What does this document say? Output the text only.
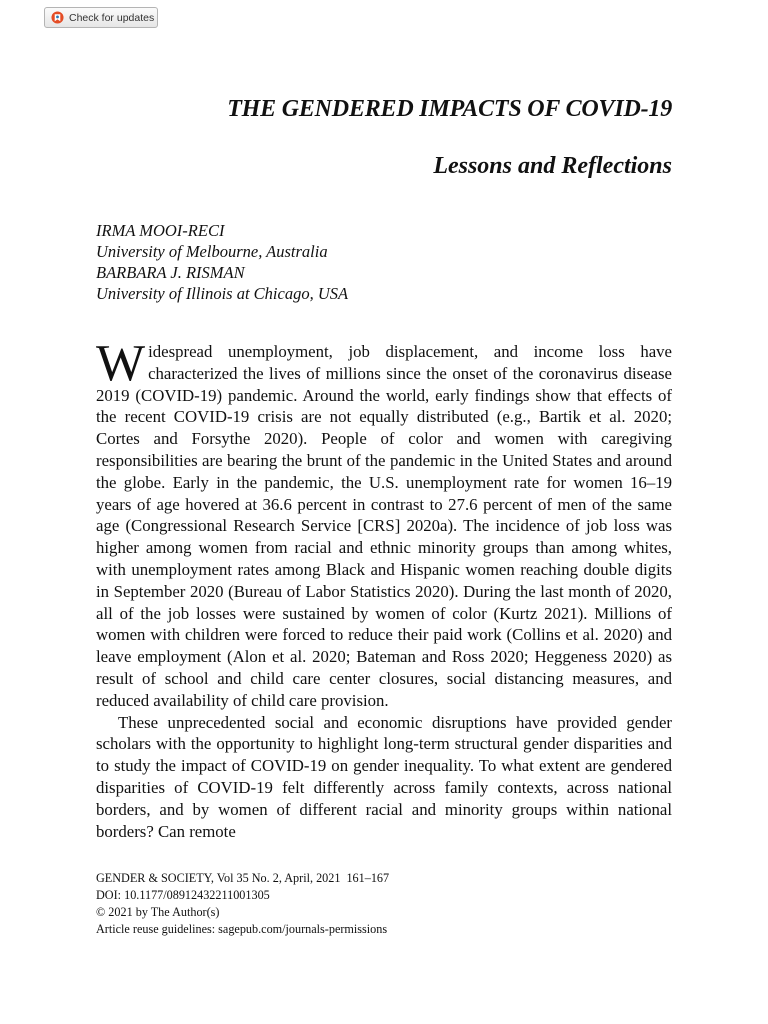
Check for updates
THE GENDERED IMPACTS OF COVID-19
Lessons and Reflections
IRMA MOOI-RECI
University of Melbourne, Australia
BARBARA J. RISMAN
University of Illinois at Chicago, USA

Widespread unemployment, job displacement, and income loss have characterized the lives of millions since the onset of the coronavirus disease 2019 (COVID-19) pandemic. Around the world, early findings show that effects of the recent COVID-19 crisis are not equally distributed (e.g., Bartik et al. 2020; Cortes and Forsythe 2020). People of color and women with caregiving responsibilities are bearing the brunt of the pandemic in the United States and around the globe. Early in the pandemic, the U.S. unemployment rate for women 16–19 years of age hovered at 36.6 percent in contrast to 27.6 percent of men of the same age (Congressional Research Service [CRS] 2020a). The incidence of job loss was higher among women from racial and ethnic minority groups than among whites, with unemployment rates among Black and Hispanic women reaching double digits in September 2020 (Bureau of Labor Statistics 2020). During the last month of 2020, all of the job losses were sustained by women of color (Kurtz 2021). Millions of women with children were forced to reduce their paid work (Collins et al. 2020) and leave employment (Alon et al. 2020; Bateman and Ross 2020; Heggeness 2020) as result of school and child care center closures, social distancing measures, and reduced availability of child care provision.

These unprecedented social and economic disruptions have provided gender scholars with the opportunity to highlight long-term structural gender disparities and to study the impact of COVID-19 on gender inequality. To what extent are gendered disparities of COVID-19 felt differently across family contexts, across national borders, and by women of different racial and minority groups within national borders? Can remote

GENDER & SOCIETY, Vol 35 No. 2, April, 2021 161–167
DOI: 10.1177/08912432211001305
© 2021 by The Author(s)
Article reuse guidelines: sagepub.com/journals-permissions
